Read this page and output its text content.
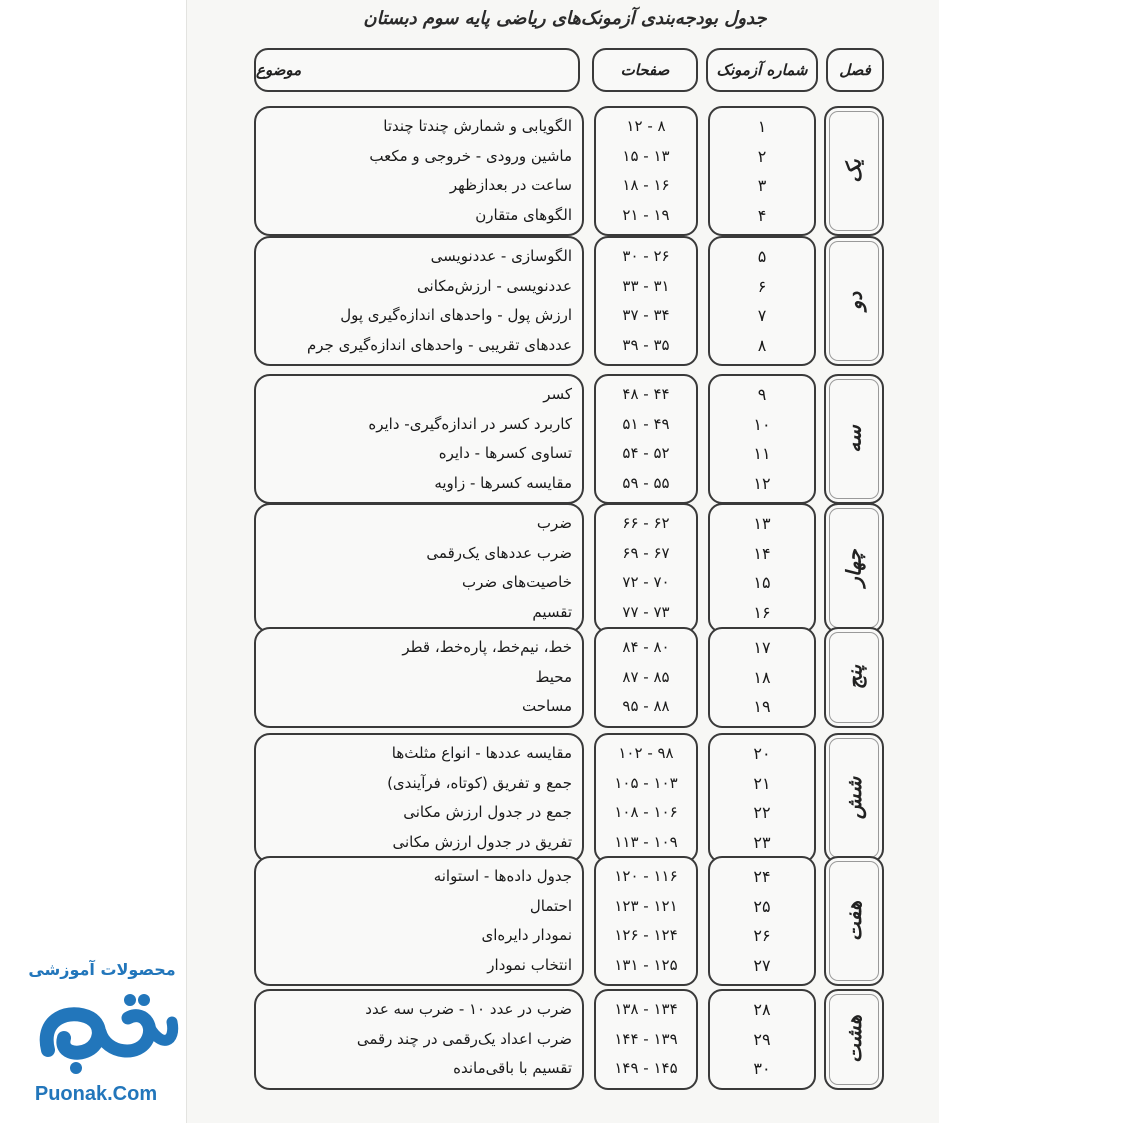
جدول بودجه‌بندی آزمونک‌های ریاضی پایه سوم دبستان
فصل
شماره آزمونک
صفحات
موضوع
یک
۱
۸ - ۱۲
الگویابی و شمارش چندتا چندتا
۲
۱۳ - ۱۵
ماشین ورودی - خروجی و مکعب
۳
۱۶ - ۱۸
ساعت در بعدازظهر
۴
۱۹ - ۲۱
الگوهای متقارن
دو
۵
۲۶ - ۳۰
الگوسازی - عددنویسی
۶
۳۱ - ۳۳
عددنویسی - ارزش‌مکانی
۷
۳۴ - ۳۷
ارزش پول - واحدهای اندازه‌گیری پول
۸
۳۵ - ۳۹
عددهای تقریبی - واحدهای اندازه‌گیری جرم
سه
۹
۴۴ - ۴۸
کسر
۱۰
۴۹ - ۵۱
کاربرد کسر در اندازه‌گیری- دایره
۱۱
۵۲ - ۵۴
تساوی کسرها - دایره
۱۲
۵۵ - ۵۹
مقایسه کسرها - زاویه
چهار
۱۳
۶۲ - ۶۶
ضرب
۱۴
۶۷ - ۶۹
ضرب عددهای یک‌رقمی
۱۵
۷۰ - ۷۲
خاصیت‌های ضرب
۱۶
۷۳ - ۷۷
تقسیم
پنج
۱۷
۸۰ - ۸۴
خط، نیم‌خط، پاره‌خط، قطر
۱۸
۸۵ - ۸۷
محیط
۱۹
۸۸ - ۹۵
مساحت
شش
۲۰
۹۸ - ۱۰۲
مقایسه عددها - انواع مثلث‌ها
۲۱
۱۰۳ - ۱۰۵
جمع و تفریق (کوتاه، فرآیندی)
۲۲
۱۰۶ - ۱۰۸
جمع در جدول ارزش مکانی
۲۳
۱۰۹ - ۱۱۳
تفریق در جدول ارزش مکانی
هفت
۲۴
۱۱۶ - ۱۲۰
جدول داده‌ها - استوانه
۲۵
۱۲۱ - ۱۲۳
احتمال
۲۶
۱۲۴ - ۱۲۶
نمودار دایره‌ای
۲۷
۱۲۵ - ۱۳۱
انتخاب نمودار
هشت
۲۸
۱۳۴ - ۱۳۸
ضرب در عدد ۱۰ - ضرب سه عدد
۲۹
۱۳۹ - ۱۴۴
ضرب اعداد یک‌رقمی در چند رقمی
۳۰
۱۴۵ - ۱۴۹
تقسیم با باقی‌مانده
محصولات آموزشی
Puonak.Com
